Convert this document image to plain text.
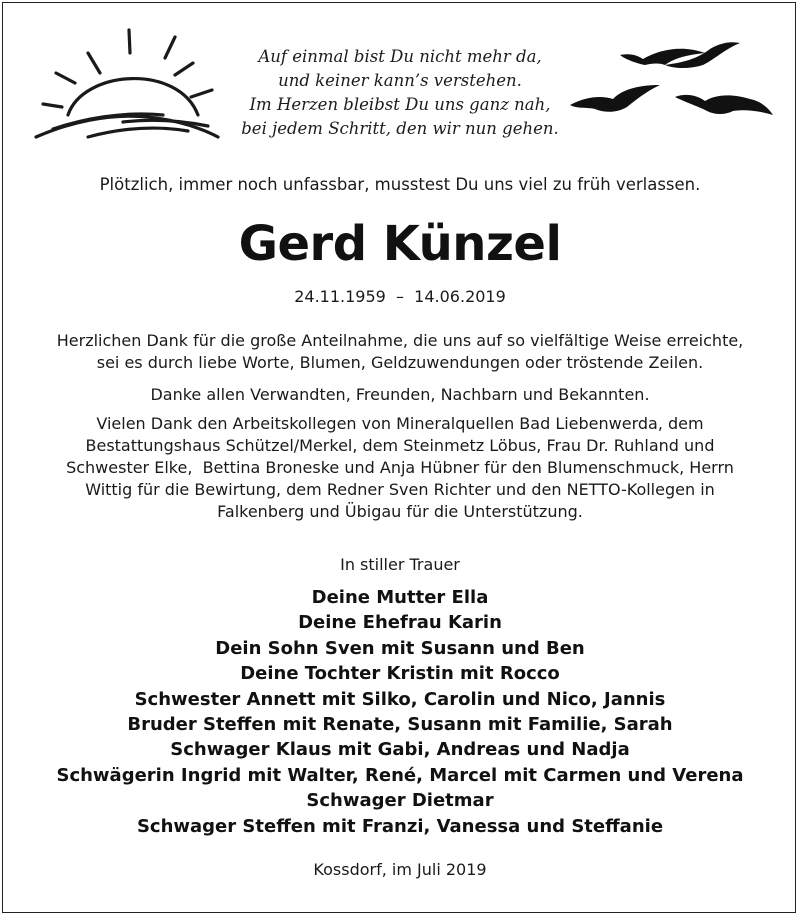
Auf einmal bist Du nicht mehr da,
und keiner kann’s verstehen.
Im Herzen bleibst Du uns ganz nah,
bei jedem Schritt, den wir nun gehen.
Plötzlich, immer noch unfassbar, musstest Du uns viel zu früh verlassen.
Gerd Künzel
24.11.1959  –  14.06.2019
Herzlichen Dank für die große Anteilnahme, die uns auf so vielfältige Weise erreichte,
sei es durch liebe Worte, Blumen, Geldzuwendungen oder tröstende Zeilen.
Danke allen Verwandten, Freunden, Nachbarn und Bekannten.
Vielen Dank den Arbeitskollegen von Mineralquellen Bad Liebenwerda, dem
Bestattungshaus Schützel/Merkel, dem Steinmetz Löbus, Frau Dr. Ruhland und
Schwester Elke,  Bettina Broneske und Anja Hübner für den Blumenschmuck, Herrn
Wittig für die Bewirtung, dem Redner Sven Richter und den NETTO-Kollegen in
Falkenberg und Übigau für die Unterstützung.
In stiller Trauer
Deine Mutter Ella
Deine Ehefrau Karin
Dein Sohn Sven mit Susann und Ben
Deine Tochter Kristin mit Rocco
Schwester Annett mit Silko, Carolin und Nico, Jannis
Bruder Steffen mit Renate, Susann mit Familie, Sarah
Schwager Klaus mit Gabi, Andreas und Nadja
Schwägerin Ingrid mit Walter, René, Marcel mit Carmen und Verena
Schwager Dietmar
Schwager Steffen mit Franzi, Vanessa und Steffanie
Kossdorf, im Juli 2019
